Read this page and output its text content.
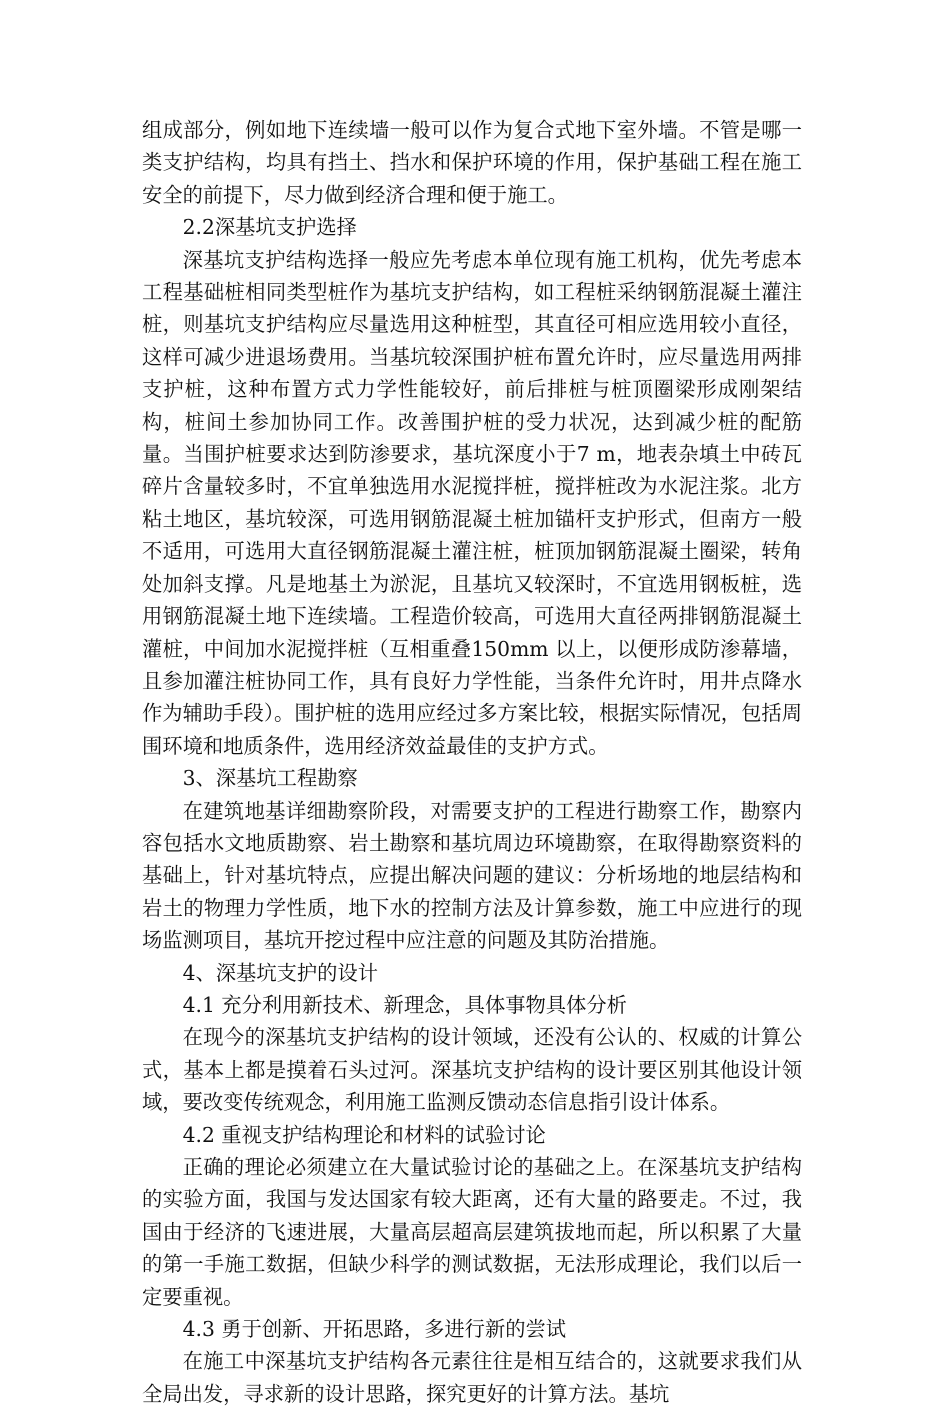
组成部分，例如地下连续墙一般可以作为复合式地下室外墙。不管是哪一类支护结构，均具有挡土、挡水和保护环境的作用，保护基础工程在施工安全的前提下，尽力做到经济合理和便于施工。

2.2深基坑支护选择

深基坑支护结构选择一般应先考虑本单位现有施工机构，优先考虑本工程基础桩相同类型桩作为基坑支护结构，如工程桩采纳钢筋混凝土灌注桩，则基坑支护结构应尽量选用这种桩型，其直径可相应选用较小直径，这样可减少进退场费用。当基坑较深围护桩布置允许时，应尽量选用两排支护桩，这种布置方式力学性能较好，前后排桩与桩顶圈梁形成刚架结构，桩间土参加协同工作。改善围护桩的受力状况，达到减少桩的配筋量。当围护桩要求达到防渗要求，基坑深度小于7 m，地表杂填土中砖瓦碎片含量较多时，不宜单独选用水泥搅拌桩，搅拌桩改为水泥注浆。北方粘土地区，基坑较深，可选用钢筋混凝土桩加锚杆支护形式，但南方一般不适用，可选用大直径钢筋混凝土灌注桩，桩顶加钢筋混凝土圈梁，转角处加斜支撑。凡是地基土为淤泥，且基坑又较深时，不宜选用钢板桩，选用钢筋混凝土地下连续墙。工程造价较高，可选用大直径两排钢筋混凝土灌桩，中间加水泥搅拌桩（互相重叠150mm 以上，以便形成防渗幕墙，且参加灌注桩协同工作，具有良好力学性能，当条件允许时，用井点降水作为辅助手段）。围护桩的选用应经过多方案比较，根据实际情况，包括周围环境和地质条件，选用经济效益最佳的支护方式。

3、深基坑工程勘察

在建筑地基详细勘察阶段，对需要支护的工程进行勘察工作，勘察内容包括水文地质勘察、岩土勘察和基坑周边环境勘察，在取得勘察资料的基础上，针对基坑特点，应提出解决问题的建议：分析场地的地层结构和岩土的物理力学性质，地下水的控制方法及计算参数，施工中应进行的现场监测项目，基坑开挖过程中应注意的问题及其防治措施。

4、深基坑支护的设计

4.1 充分利用新技术、新理念，具体事物具体分析

在现今的深基坑支护结构的设计领域，还没有公认的、权威的计算公式，基本上都是摸着石头过河。深基坑支护结构的设计要区别其他设计领域，要改变传统观念，利用施工监测反馈动态信息指引设计体系。

4.2 重视支护结构理论和材料的试验讨论

正确的理论必须建立在大量试验讨论的基础之上。在深基坑支护结构的实验方面，我国与发达国家有较大距离，还有大量的路要走。不过，我国由于经济的飞速进展，大量高层超高层建筑拔地而起，所以积累了大量的第一手施工数据，但缺少科学的测试数据，无法形成理论，我们以后一定要重视。

4.3 勇于创新、开拓思路，多进行新的尝试

在施工中深基坑支护结构各元素往往是相互结合的，这就要求我们从全局出发，寻求新的设计思路，探究更好的计算方法。基坑
